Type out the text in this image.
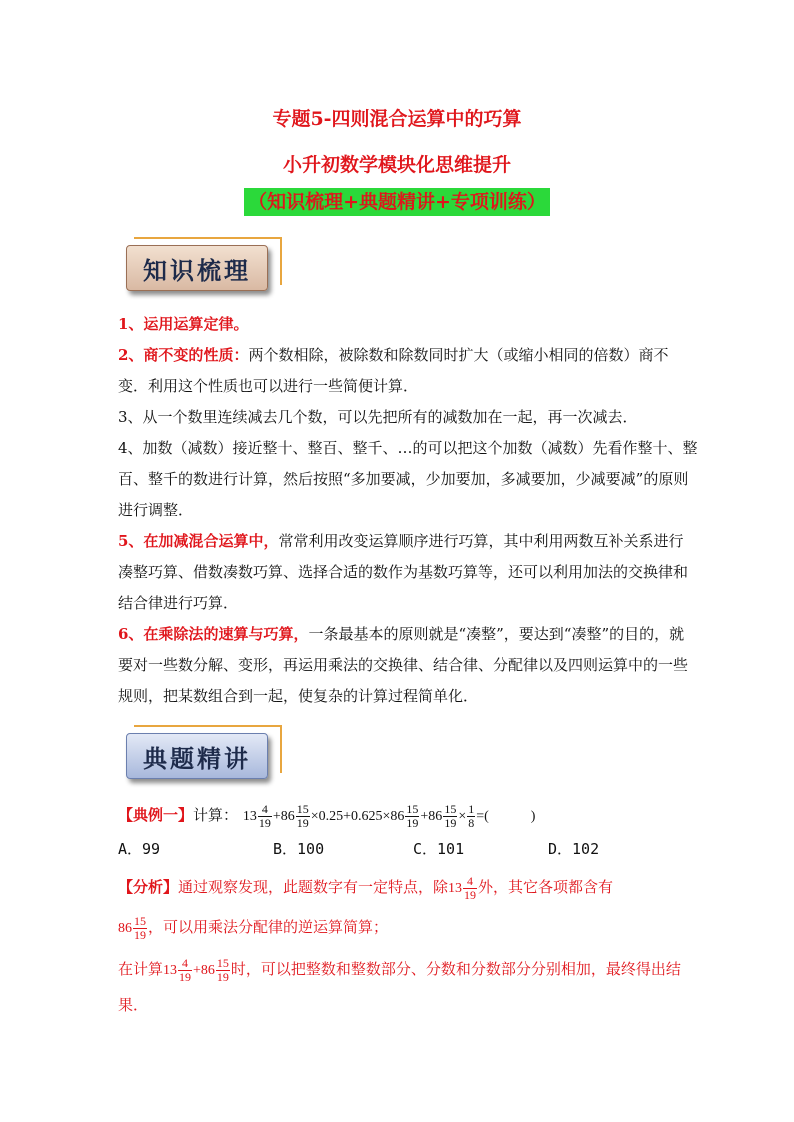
专题5-四则混合运算中的巧算
小升初数学模块化思维提升
（知识梳理+典题精讲+专项训练）
知识梳理
1、运用运算定律。
2、商不变的性质：两个数相除，被除数和除数同时扩大（或缩小相同的倍数）商不变．利用这个性质也可以进行一些简便计算．
3、从一个数里连续减去几个数，可以先把所有的减数加在一起，再一次减去．
4、加数（减数）接近整十、整百、整千、…的可以把这个加数（减数）先看作整十、整百、整千的数进行计算，然后按照“多加要减，少加要加，多减要加，少减要减”的原则进行调整．
5、在加减混合运算中，常常利用改变运算顺序进行巧算，其中利用两数互补关系进行凑整巧算、借数凑数巧算、选择合适的数作为基数巧算等，还可以利用加法的交换律和结合律进行巧算．
6、在乘除法的速算与巧算，一条最基本的原则就是“凑整”，要达到“凑整”的目的，就要对一些数分解、变形，再运用乘法的交换律、结合律、分配律以及四则运算中的一些规则，把某数组合到一起，使复杂的计算过程简单化．
典题精讲
【典例一】计算： $13 \frac{4}{19} +86 \frac{15}{19} \times 0.25+0.625\times 86 \frac{15}{19} +86 \frac{15}{19} \times \frac{1}{8}$ =(　　　)
A．99	B．100	C．101	D．102
【分析】通过观察发现，此题数字有一定特点，除$13 \frac{4}{19}$ 外，其它各项都含有
$86 \frac{15}{19}$ ，可以用乘法分配律的逆运算简算；
在计算$13 \frac{4}{19} +86 \frac{15}{19}$ 时，可以把整数和整数部分、分数和分数部分分别相加，最终得出结果．
